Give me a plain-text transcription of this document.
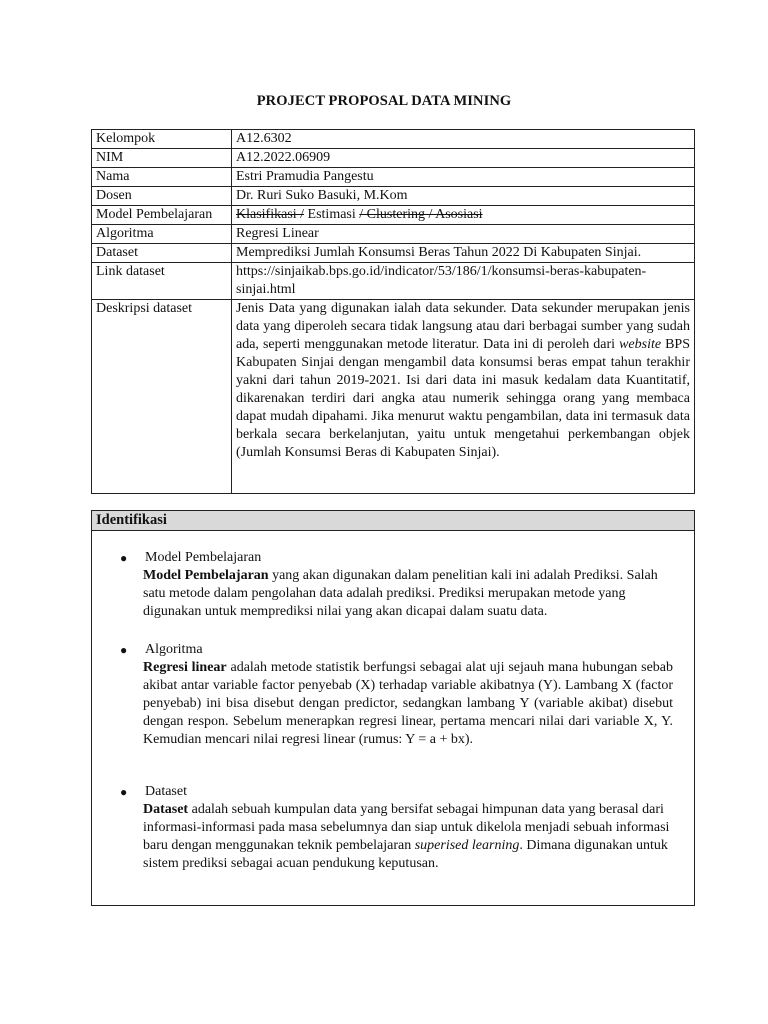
PROJECT PROPOSAL DATA MINING
Kelompok	A12.6302
NIM	A12.2022.06909
Nama	Estri Pramudia Pangestu
Dosen	Dr. Ruri Suko Basuki, M.Kom
Model Pembelajaran	Klasifikasi / Estimasi / Clustering / Asosiasi
Algoritma	Regresi Linear
Dataset	Memprediksi Jumlah Konsumsi Beras Tahun 2022 Di Kabupaten Sinjai.
Link dataset	https://sinjaikab.bps.go.id/indicator/53/186/1/konsumsi-beras-kabupaten-sinjai.html
Deskripsi dataset	Jenis Data yang digunakan ialah data sekunder. Data sekunder merupakan jenis data yang diperoleh secara tidak langsung atau dari berbagai sumber yang sudah ada, seperti menggunakan metode literatur. Data ini di peroleh dari website BPS Kabupaten Sinjai dengan mengambil data konsumsi beras empat tahun terakhir yakni dari tahun 2019-2021. Isi dari data ini masuk kedalam data Kuantitatif, dikarenakan terdiri dari angka atau numerik sehingga orang yang membaca dapat mudah dipahami. Jika menurut waktu pengambilan, data ini termasuk data berkala secara berkelanjutan, yaitu untuk mengetahui perkembangan objek (Jumlah Konsumsi Beras di Kabupaten Sinjai).
Identifikasi
● Model Pembelajaran
Model Pembelajaran yang akan digunakan dalam penelitian kali ini adalah Prediksi. Salah satu metode dalam pengolahan data adalah prediksi. Prediksi merupakan metode yang digunakan untuk memprediksi nilai yang akan dicapai dalam suatu data.
● Algoritma
Regresi linear adalah metode statistik berfungsi sebagai alat uji sejauh mana hubungan sebab akibat antar variable factor penyebab (X) terhadap variable akibatnya (Y). Lambang X (factor penyebab) ini bisa disebut dengan predictor, sedangkan lambang Y (variable akibat) disebut dengan respon. Sebelum menerapkan regresi linear, pertama mencari nilai dari variable X, Y. Kemudian mencari nilai regresi linear (rumus: Y = a + bx).
● Dataset
Dataset adalah sebuah kumpulan data yang bersifat sebagai himpunan data yang berasal dari informasi-informasi pada masa sebelumnya dan siap untuk dikelola menjadi sebuah informasi baru dengan menggunakan teknik pembelajaran superised learning. Dimana digunakan untuk sistem prediksi sebagai acuan pendukung keputusan.
